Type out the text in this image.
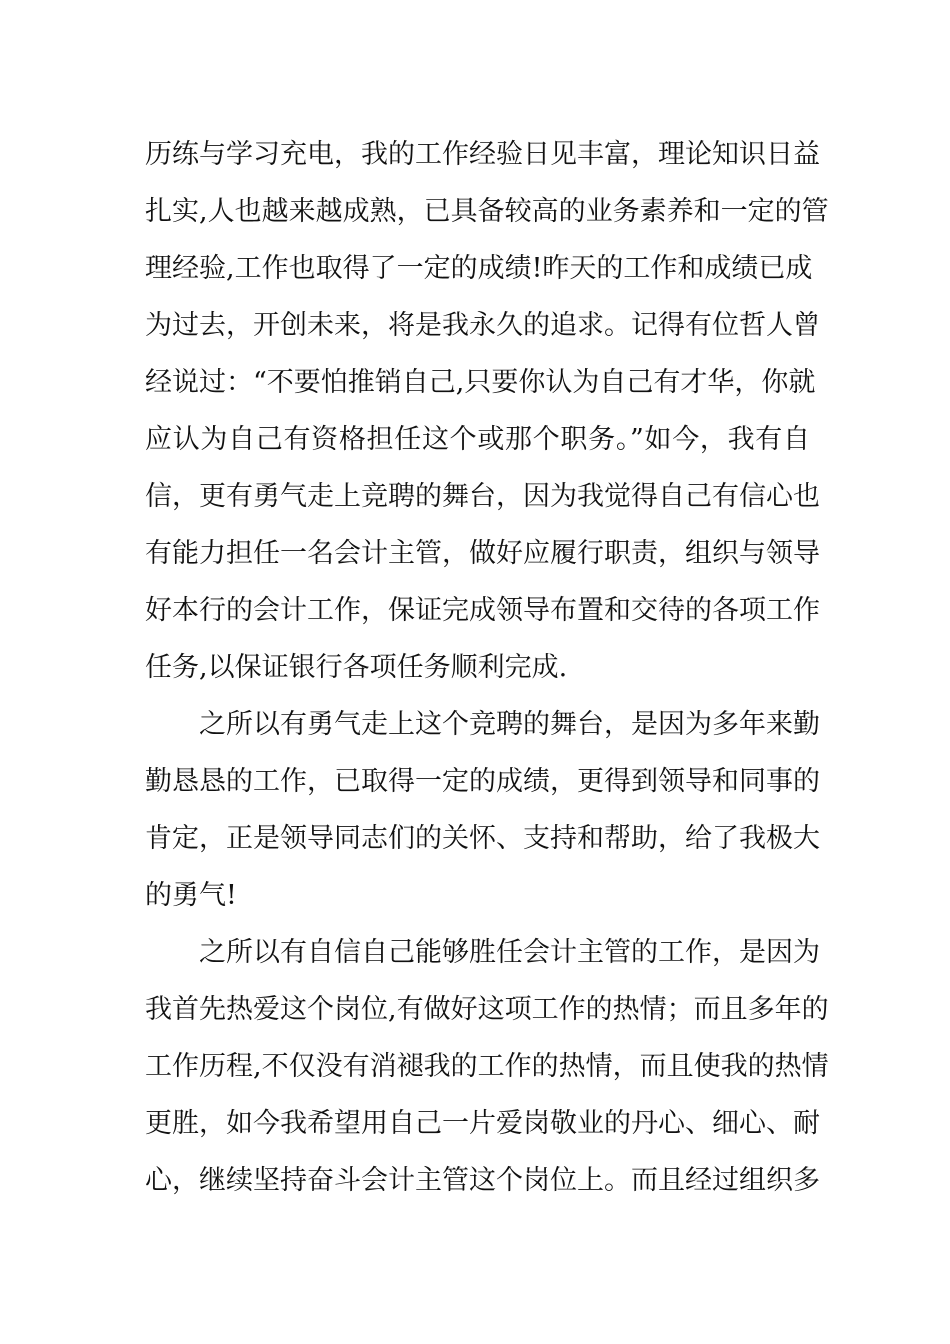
历练与学习充电，我的工作经验日见丰富，理论知识日益
扎实,人也越来越成熟，已具备较高的业务素养和一定的管
理经验,工作也取得了一定的成绩!昨天的工作和成绩已成
为过去，开创未来，将是我永久的追求。记得有位哲人曾
经说过：“不要怕推销自己,只要你认为自己有才华，你就
应认为自己有资格担任这个或那个职务。”如今，我有自
信，更有勇气走上竞聘的舞台，因为我觉得自己有信心也
有能力担任一名会计主管，做好应履行职责，组织与领导
好本行的会计工作，保证完成领导布置和交待的各项工作
任务,以保证银行各项任务顺利完成.
之所以有勇气走上这个竞聘的舞台，是因为多年来勤
勤恳恳的工作，已取得一定的成绩，更得到领导和同事的
肯定，正是领导同志们的关怀、支持和帮助，给了我极大
的勇气!
之所以有自信自己能够胜任会计主管的工作，是因为
我首先热爱这个岗位,有做好这项工作的热情；而且多年的
工作历程,不仅没有消褪我的工作的热情，而且使我的热情
更胜，如今我希望用自己一片爱岗敬业的丹心、细心、耐
心，继续坚持奋斗会计主管这个岗位上。而且经过组织多
